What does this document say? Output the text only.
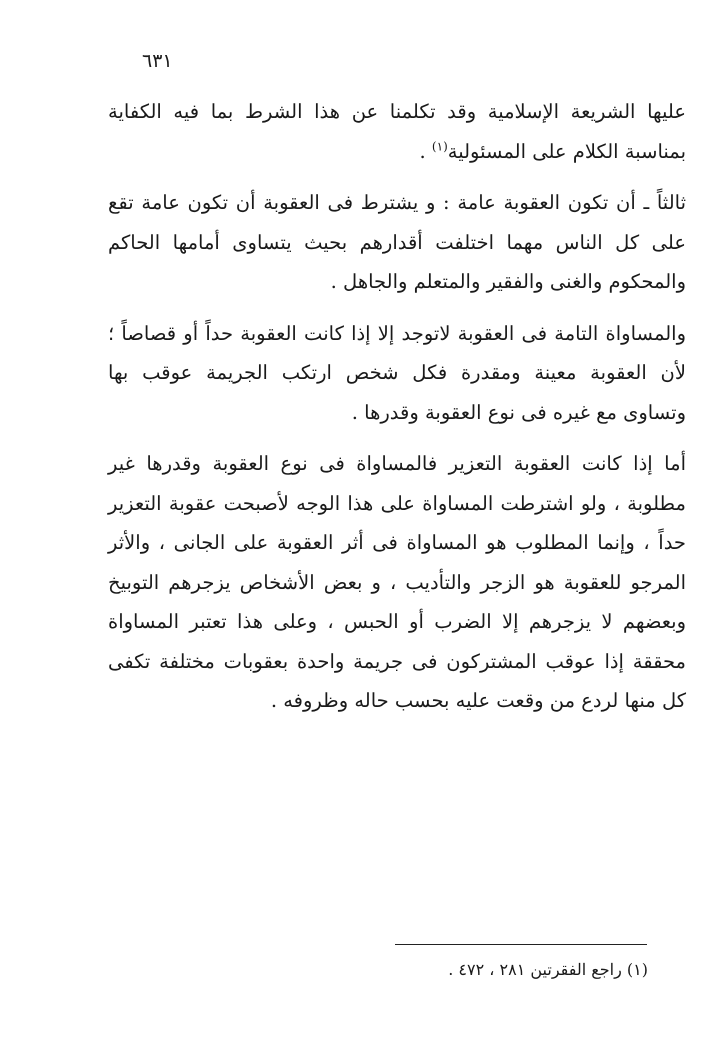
٦٣١

عليها الشريعة الإسلامية وقد تكلمنا عن هذا الشرط بما فيه الكفاية بمناسبة الكلام على المسئولية$^{(١)}$ .

ثالثاً ـ أن تكون العقوبة عامة : و يشترط فى العقوبة أن تكون عامة تقع على كل الناس مهما اختلفت أقدارهم بحيث يتساوى أمامها الحاكم والمحكوم والغنى والفقير والمتعلم والجاهل .

والمساواة التامة فى العقوبة لاتوجد إلا إذا كانت العقوبة حداً أو قصاصاً ؛ لأن العقوبة معينة ومقدرة فكل شخص ارتكب الجريمة عوقب بها وتساوى مع غيره فى نوع العقوبة وقدرها .

أما إذا كانت العقوبة التعزير فالمساواة فى نوع العقوبة وقدرها غير مطلوبة ، ولو اشترطت المساواة على هذا الوجه لأصبحت عقوبة التعزير حداً ، وإنما المطلوب هو المساواة فى أثر العقوبة على الجانى ، والأثر المرجو للعقوبة هو الزجر والتأديب ، و بعض الأشخاص يزجرهم التوبيخ وبعضهم لا يزجرهم إلا الضرب أو الحبس ، وعلى هذا تعتبر المساواة محققة إذا عوقب المشتركون فى جريمة واحدة بعقوبات مختلفة تكفى كل منها لردع من وقعت عليه بحسب حاله وظروفه .

(١) راجع الفقرتين ٢٨١ ، ٤٧٢ .
